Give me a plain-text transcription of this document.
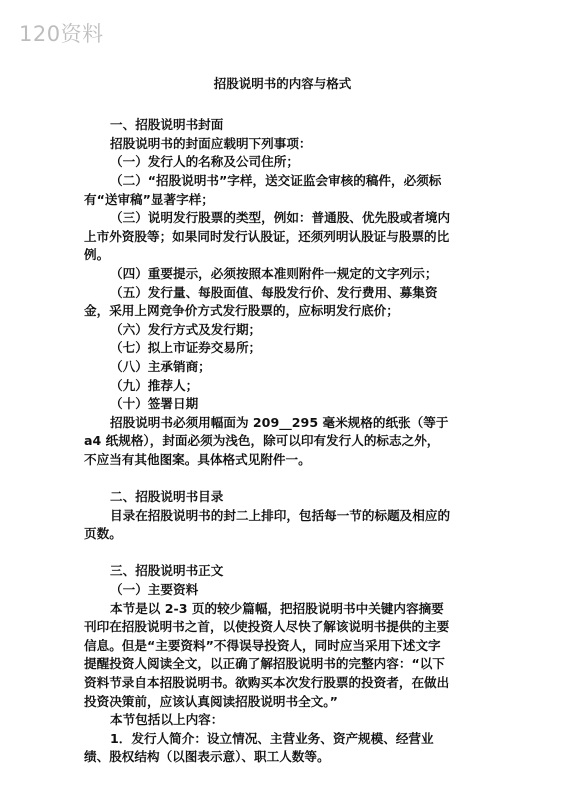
120资料
招股说明书的内容与格式
一、招股说明书封面
招股说明书的封面应载明下列事项：
（一）发行人的名称及公司住所；
（二）“招股说明书”字样，送交证监会审核的稿件，必须标
有“送审稿”显著字样；
（三）说明发行股票的类型，例如：普通股、优先股或者境内
上市外资股等；如果同时发行认股证，还须列明认股证与股票的比
例。
（四）重要提示，必须按照本准则附件一规定的文字列示；
（五）发行量、每股面值、每股发行价、发行费用、募集资
金，采用上网竞争价方式发行股票的，应标明发行底价；
（六）发行方式及发行期；
（七）拟上市证券交易所；
（八）主承销商；
（九）推荐人；
（十）签署日期
招股说明书必须用幅面为 209__295 毫米规格的纸张（等于
a4 纸规格），封面必须为浅色，除可以印有发行人的标志之外，
不应当有其他图案。具体格式见附件一。
二、招股说明书目录
目录在招股说明书的封二上排印，包括每一节的标题及相应的
页数。
三、招股说明书正文
（一）主要资料
本节是以 2-3 页的较少篇幅，把招股说明书中关键内容摘要
刊印在招股说明书之首，以使投资人尽快了解该说明书提供的主要
信息。但是“主要资料”不得误导投资人，同时应当采用下述文字
提醒投资人阅读全文，以正确了解招股说明书的完整内容：“以下
资料节录自本招股说明书。欲购买本次发行股票的投资者，在做出
投资决策前，应该认真阅读招股说明书全文。”
本节包括以上内容：
1．发行人简介：设立情况、主营业务、资产规模、经营业
绩、股权结构（以图表示意）、职工人数等。
